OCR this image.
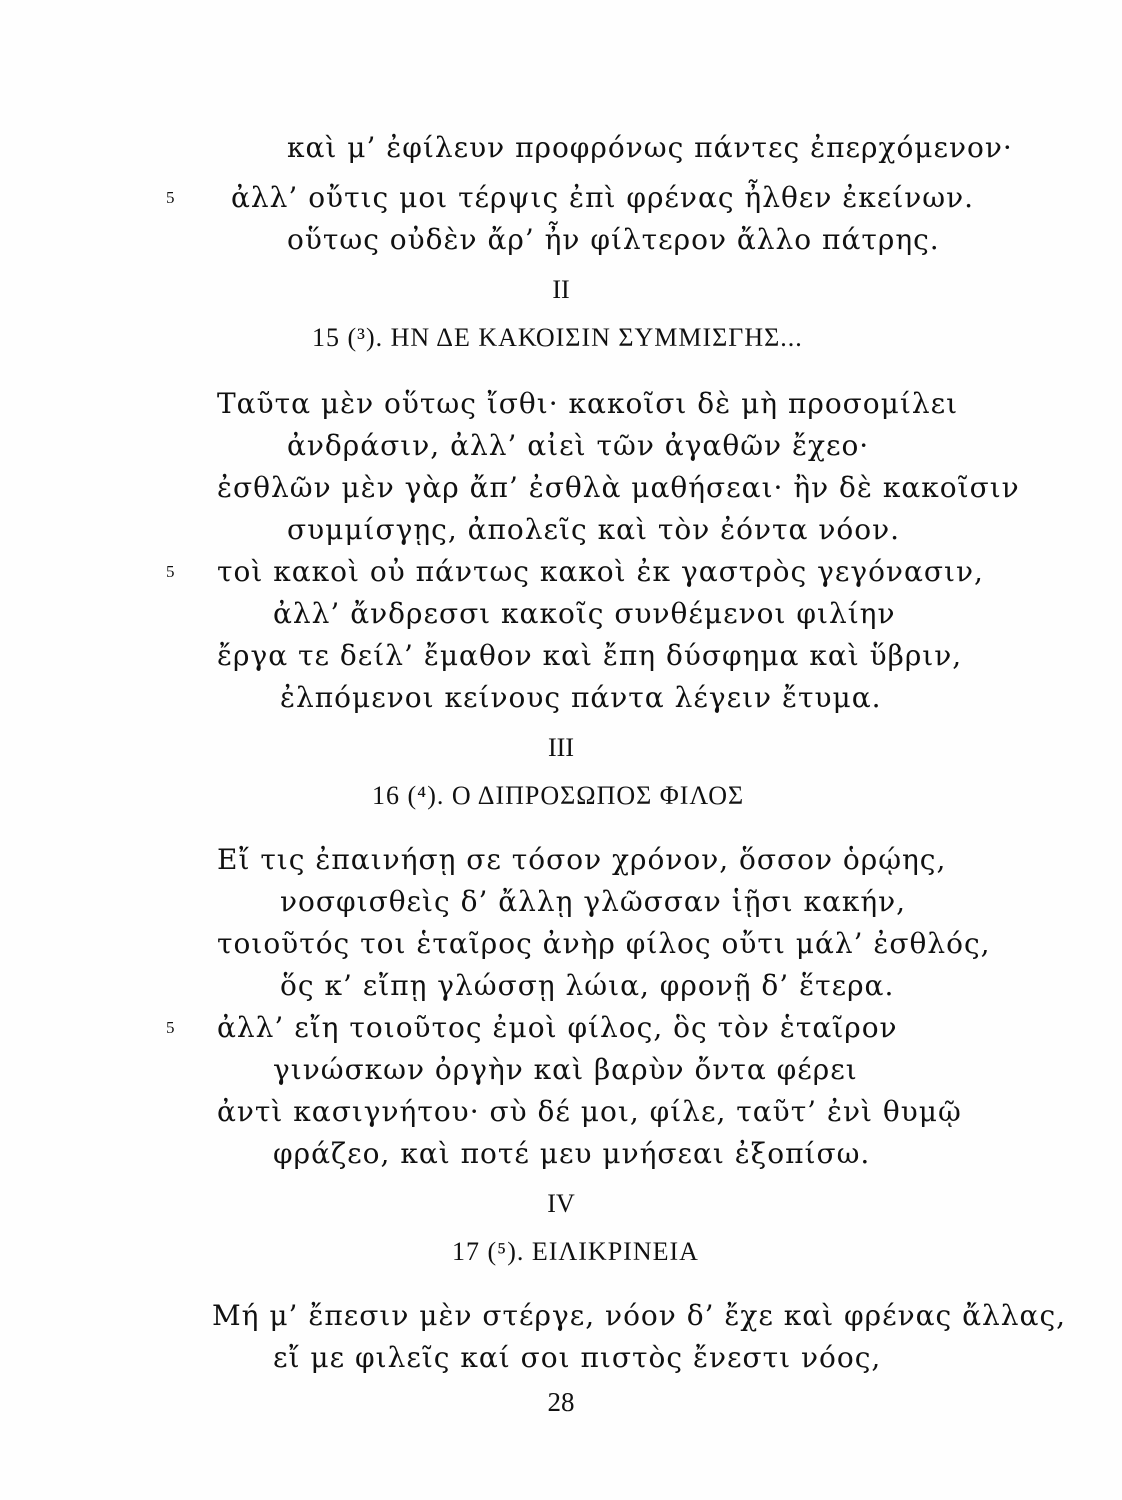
καὶ μ’ ἐφίλευν προφρόνως πάντες ἐπερχόμενον·
5	ἀλλ’ οὔτις μοι τέρψις ἐπὶ φρένας ἦλθεν ἐκείνων.
οὕτως οὐδὲν ἄρ’ ἦν φίλτερον ἄλλο πάτρης.
II
15 (³). ΗΝ ΔΕ ΚΑΚΟΙΣΙΝ ΣΥΜΜΙΣΓΗΣ...
Ταῦτα μὲν οὕτως ἴσθι· κακοῖσι δὲ μὴ προσομίλει
ἀνδράσιν, ἀλλ’ αἰεὶ τῶν ἀγαθῶν ἔχεο·
ἐσθλῶν μὲν γὰρ ἄπ’ ἐσθλὰ μαθήσεαι· ἢν δὲ κακοῖσιν
συμμίσγῃς, ἀπολεῖς καὶ τὸν ἐόντα νόον.
5	τοὶ κακοὶ οὐ πάντως κακοὶ ἐκ γαστρὸς γεγόνασιν,
ἀλλ’ ἄνδρεσσι κακοῖς συνθέμενοι φιλίην
ἔργα τε δείλ’ ἔμαθον καὶ ἔπη δύσφημα καὶ ὕβριν,
ἐλπόμενοι κείνους πάντα λέγειν ἔτυμα.
III
16 (⁴). Ο ΔΙΠΡΟΣΩΠΟΣ ΦΙΛΟΣ
Εἴ τις ἐπαινήσῃ σε τόσον χρόνον, ὅσσον ὁρῴης,
νοσφισθεὶς δ’ ἄλλῃ γλῶσσαν ἱῇσι κακήν,
τοιοῦτός τοι ἑταῖρος ἀνὴρ φίλος οὔτι μάλ’ ἐσθλός,
ὅς κ’ εἴπῃ γλώσσῃ λώια, φρονῇ δ’ ἕτερα.
5	ἀλλ’ εἴη τοιοῦτος ἐμοὶ φίλος, ὃς τὸν ἑταῖρον
γινώσκων ὀργὴν καὶ βαρὺν ὄντα φέρει
ἀντὶ κασιγνήτου· σὺ δέ μοι, φίλε, ταῦτ’ ἐνὶ θυμῷ
φράζεο, καὶ ποτέ μευ μνήσεαι ἐξοπίσω.
IV
17 (⁵). ΕΙΛΙΚΡΙΝΕΙΑ
Μή μ’ ἔπεσιν μὲν στέργε, νόον δ’ ἔχε καὶ φρένας ἄλλας,
εἴ με φιλεῖς καί σοι πιστὸς ἔνεστι νόος,
28
